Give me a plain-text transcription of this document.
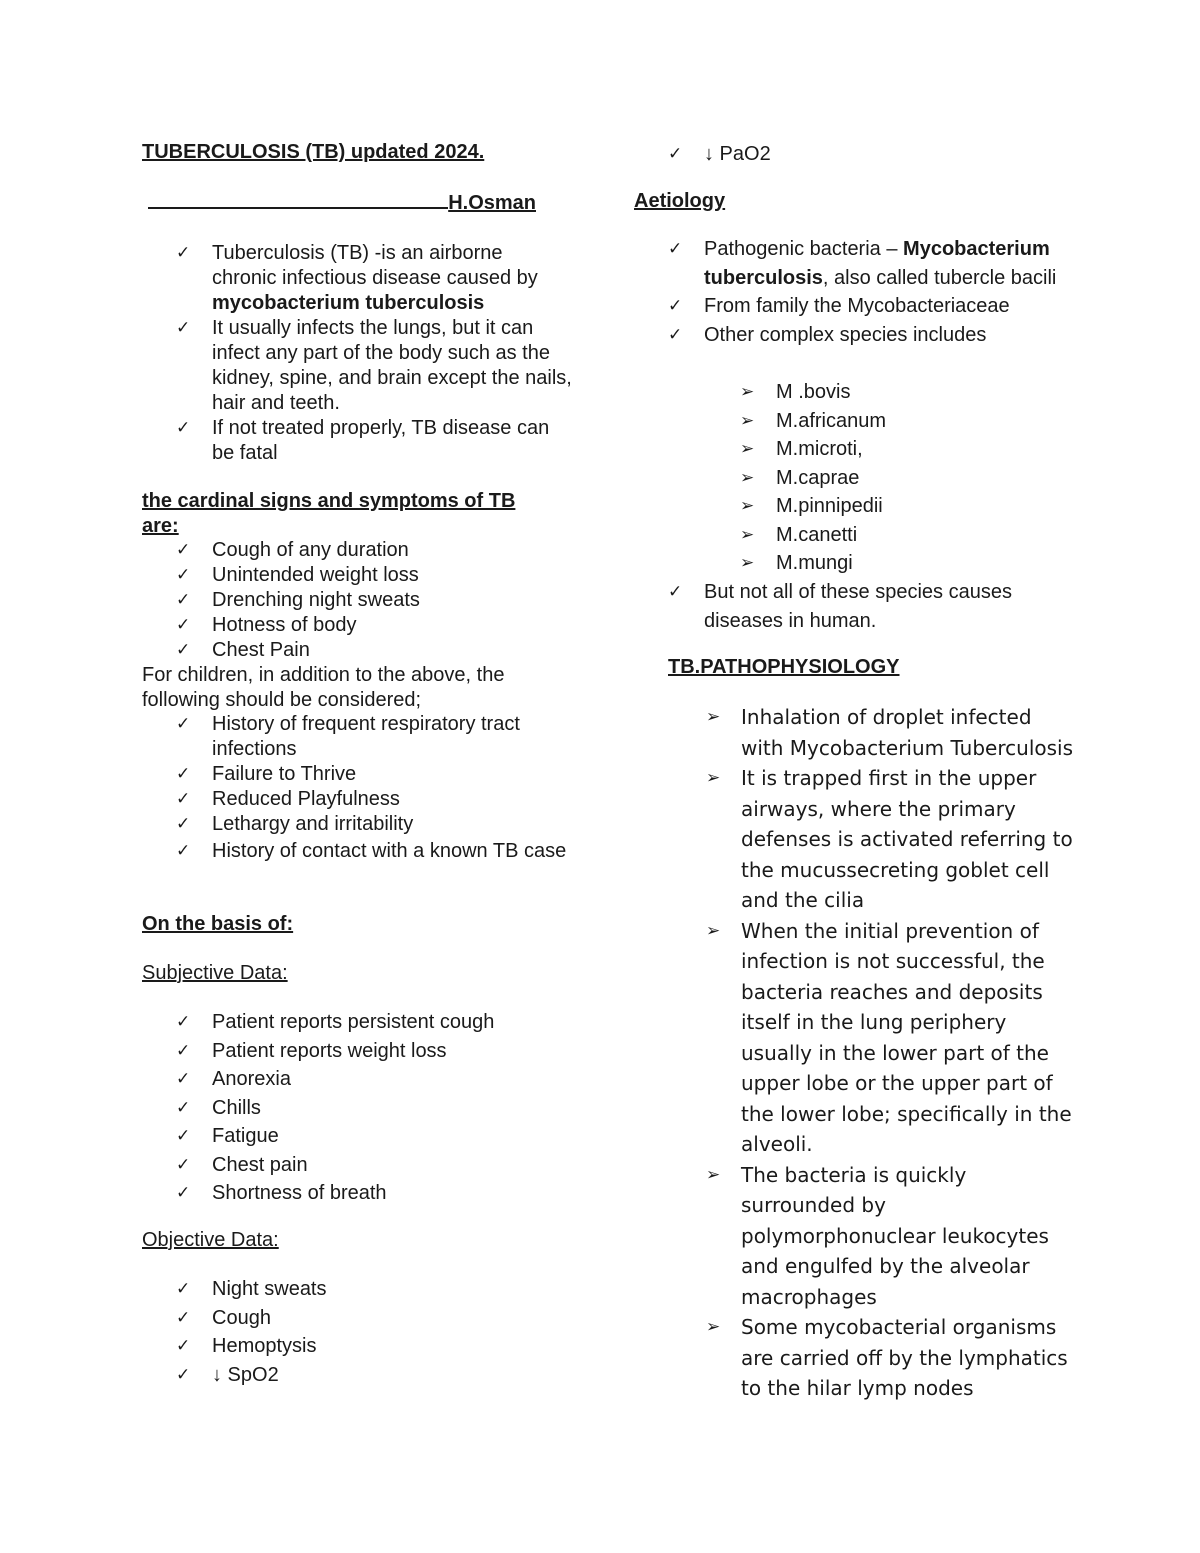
TUBERCULOSIS (TB) updated 2024.
H.Osman
✓ Tuberculosis (TB) -is an airborne chronic infectious disease caused by mycobacterium tuberculosis
✓ It usually infects the lungs, but it can infect any part of the body such as the kidney, spine, and brain except the nails, hair and teeth.
✓ If not treated properly, TB disease can be fatal
the cardinal signs and symptoms of TB are:
✓ Cough of any duration
✓ Unintended weight loss
✓ Drenching night sweats
✓ Hotness of body
✓ Chest Pain
For children, in addition to the above, the following should be considered;
✓ History of frequent respiratory tract infections
✓ Failure to Thrive
✓ Reduced Playfulness
✓ Lethargy and irritability
✓ History of contact with a known TB case
On the basis of:
Subjective Data:
✓ Patient reports persistent cough
✓ Patient reports weight loss
✓ Anorexia
✓ Chills
✓ Fatigue
✓ Chest pain
✓ Shortness of breath
Objective Data:
✓ Night sweats
✓ Cough
✓ Hemoptysis
✓ ↓ SpO2
✓ ↓ PaO2
Aetiology
✓ Pathogenic bacteria – Mycobacterium tuberculosis, also called tubercle bacili
✓ From family the Mycobacteriaceae
✓ Other complex species includes
➢ M .bovis
➢ M.africanum
➢ M.microti,
➢ M.caprae
➢ M.pinnipedii
➢ M.canetti
➢ M.mungi
✓ But not all of these species causes diseases in human.
TB.PATHOPHYSIOLOGY
➢ Inhalation of droplet infected with Mycobacterium Tuberculosis
➢ It is trapped first in the upper airways, where the primary defenses is activated referring to the mucussecreting goblet cell and the cilia
➢ When the initial prevention of infection is not successful, the bacteria reaches and deposits itself in the lung periphery usually in the lower part of the upper lobe or the upper part of the lower lobe; specifically in the alveoli.
➢ The bacteria is quickly surrounded by polymorphonuclear leukocytes and engulfed by the alveolar macrophages
➢ Some mycobacterial organisms are carried off by the lymphatics to the hilar lymp nodes
